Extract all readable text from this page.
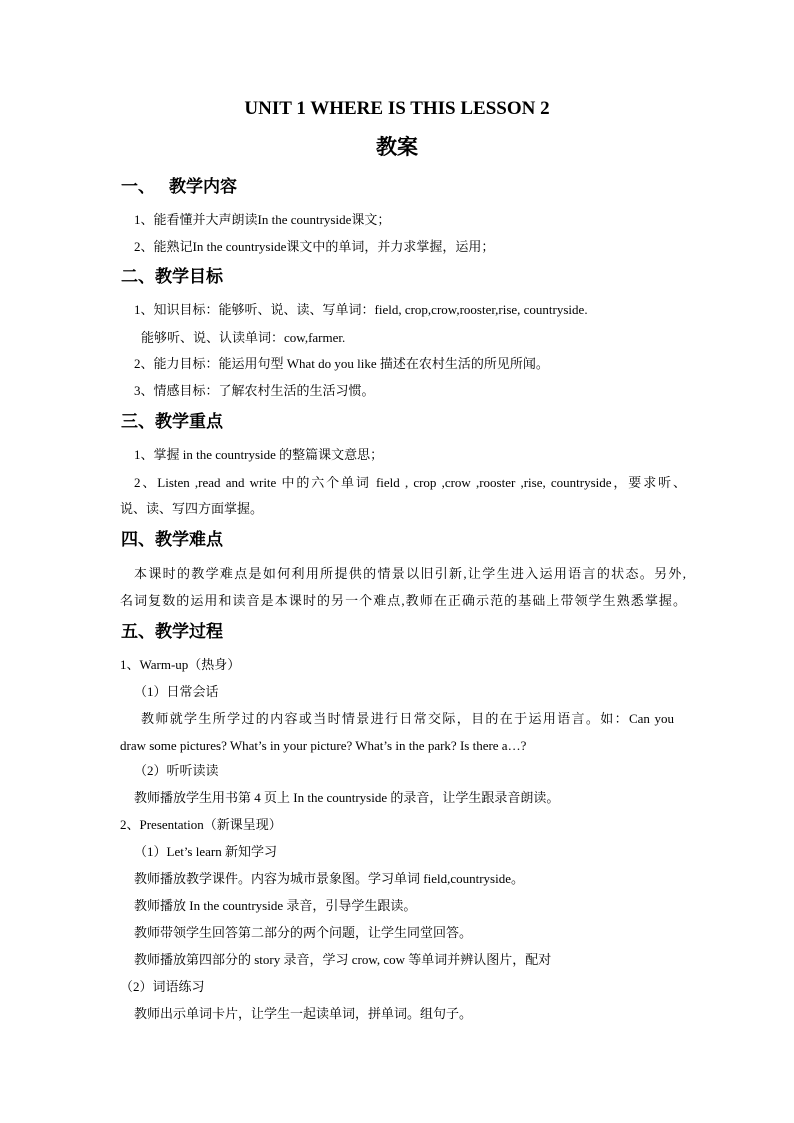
UNIT 1 WHERE IS THIS LESSON 2
教案
一、 教学内容
1、能看懂并大声朗读In the countryside课文；
2、能熟记In the countryside课文中的单词，并力求掌握，运用；
二、教学目标
1、知识目标：能够听、说、读、写单词：field, crop,crow,rooster,rise, countryside.
能够听、说、认读单词：cow,farmer.
2、能力目标：能运用句型 What do you like 描述在农村生活的所见所闻。
3、情感目标：了解农村生活的生活习惯。
三、教学重点
1、掌握 in the countryside 的整篇课文意思；
2、Listen ,read and write 中的六个单词 field , crop ,crow ,rooster ,rise, countryside，要求听、
说、读、写四方面掌握。
四、教学难点
本课时的教学难点是如何利用所提供的情景以旧引新,让学生进入运用语言的状态。另外,
名词复数的运用和读音是本课时的另一个难点,教师在正确示范的基础上带领学生熟悉掌握。
五、教学过程
1、Warm-up（热身）
（1）日常会话
教师就学生所学过的内容或当时情景进行日常交际，目的在于运用语言。如：Can you
draw some pictures? What’s in your picture? What’s in the park? Is there a…?
（2）听听读读
教师播放学生用书第 4 页上 In the countryside 的录音，让学生跟录音朗读。
2、Presentation（新课呈现）
（1）Let’s learn 新知学习
教师播放教学课件。内容为城市景象图。学习单词 field,countryside。
教师播放 In the countryside 录音，引导学生跟读。
教师带领学生回答第二部分的两个问题，让学生同堂回答。
教师播放第四部分的 story 录音，学习 crow, cow 等单词并辨认图片，配对
（2）词语练习
教师出示单词卡片，让学生一起读单词，拼单词。组句子。
